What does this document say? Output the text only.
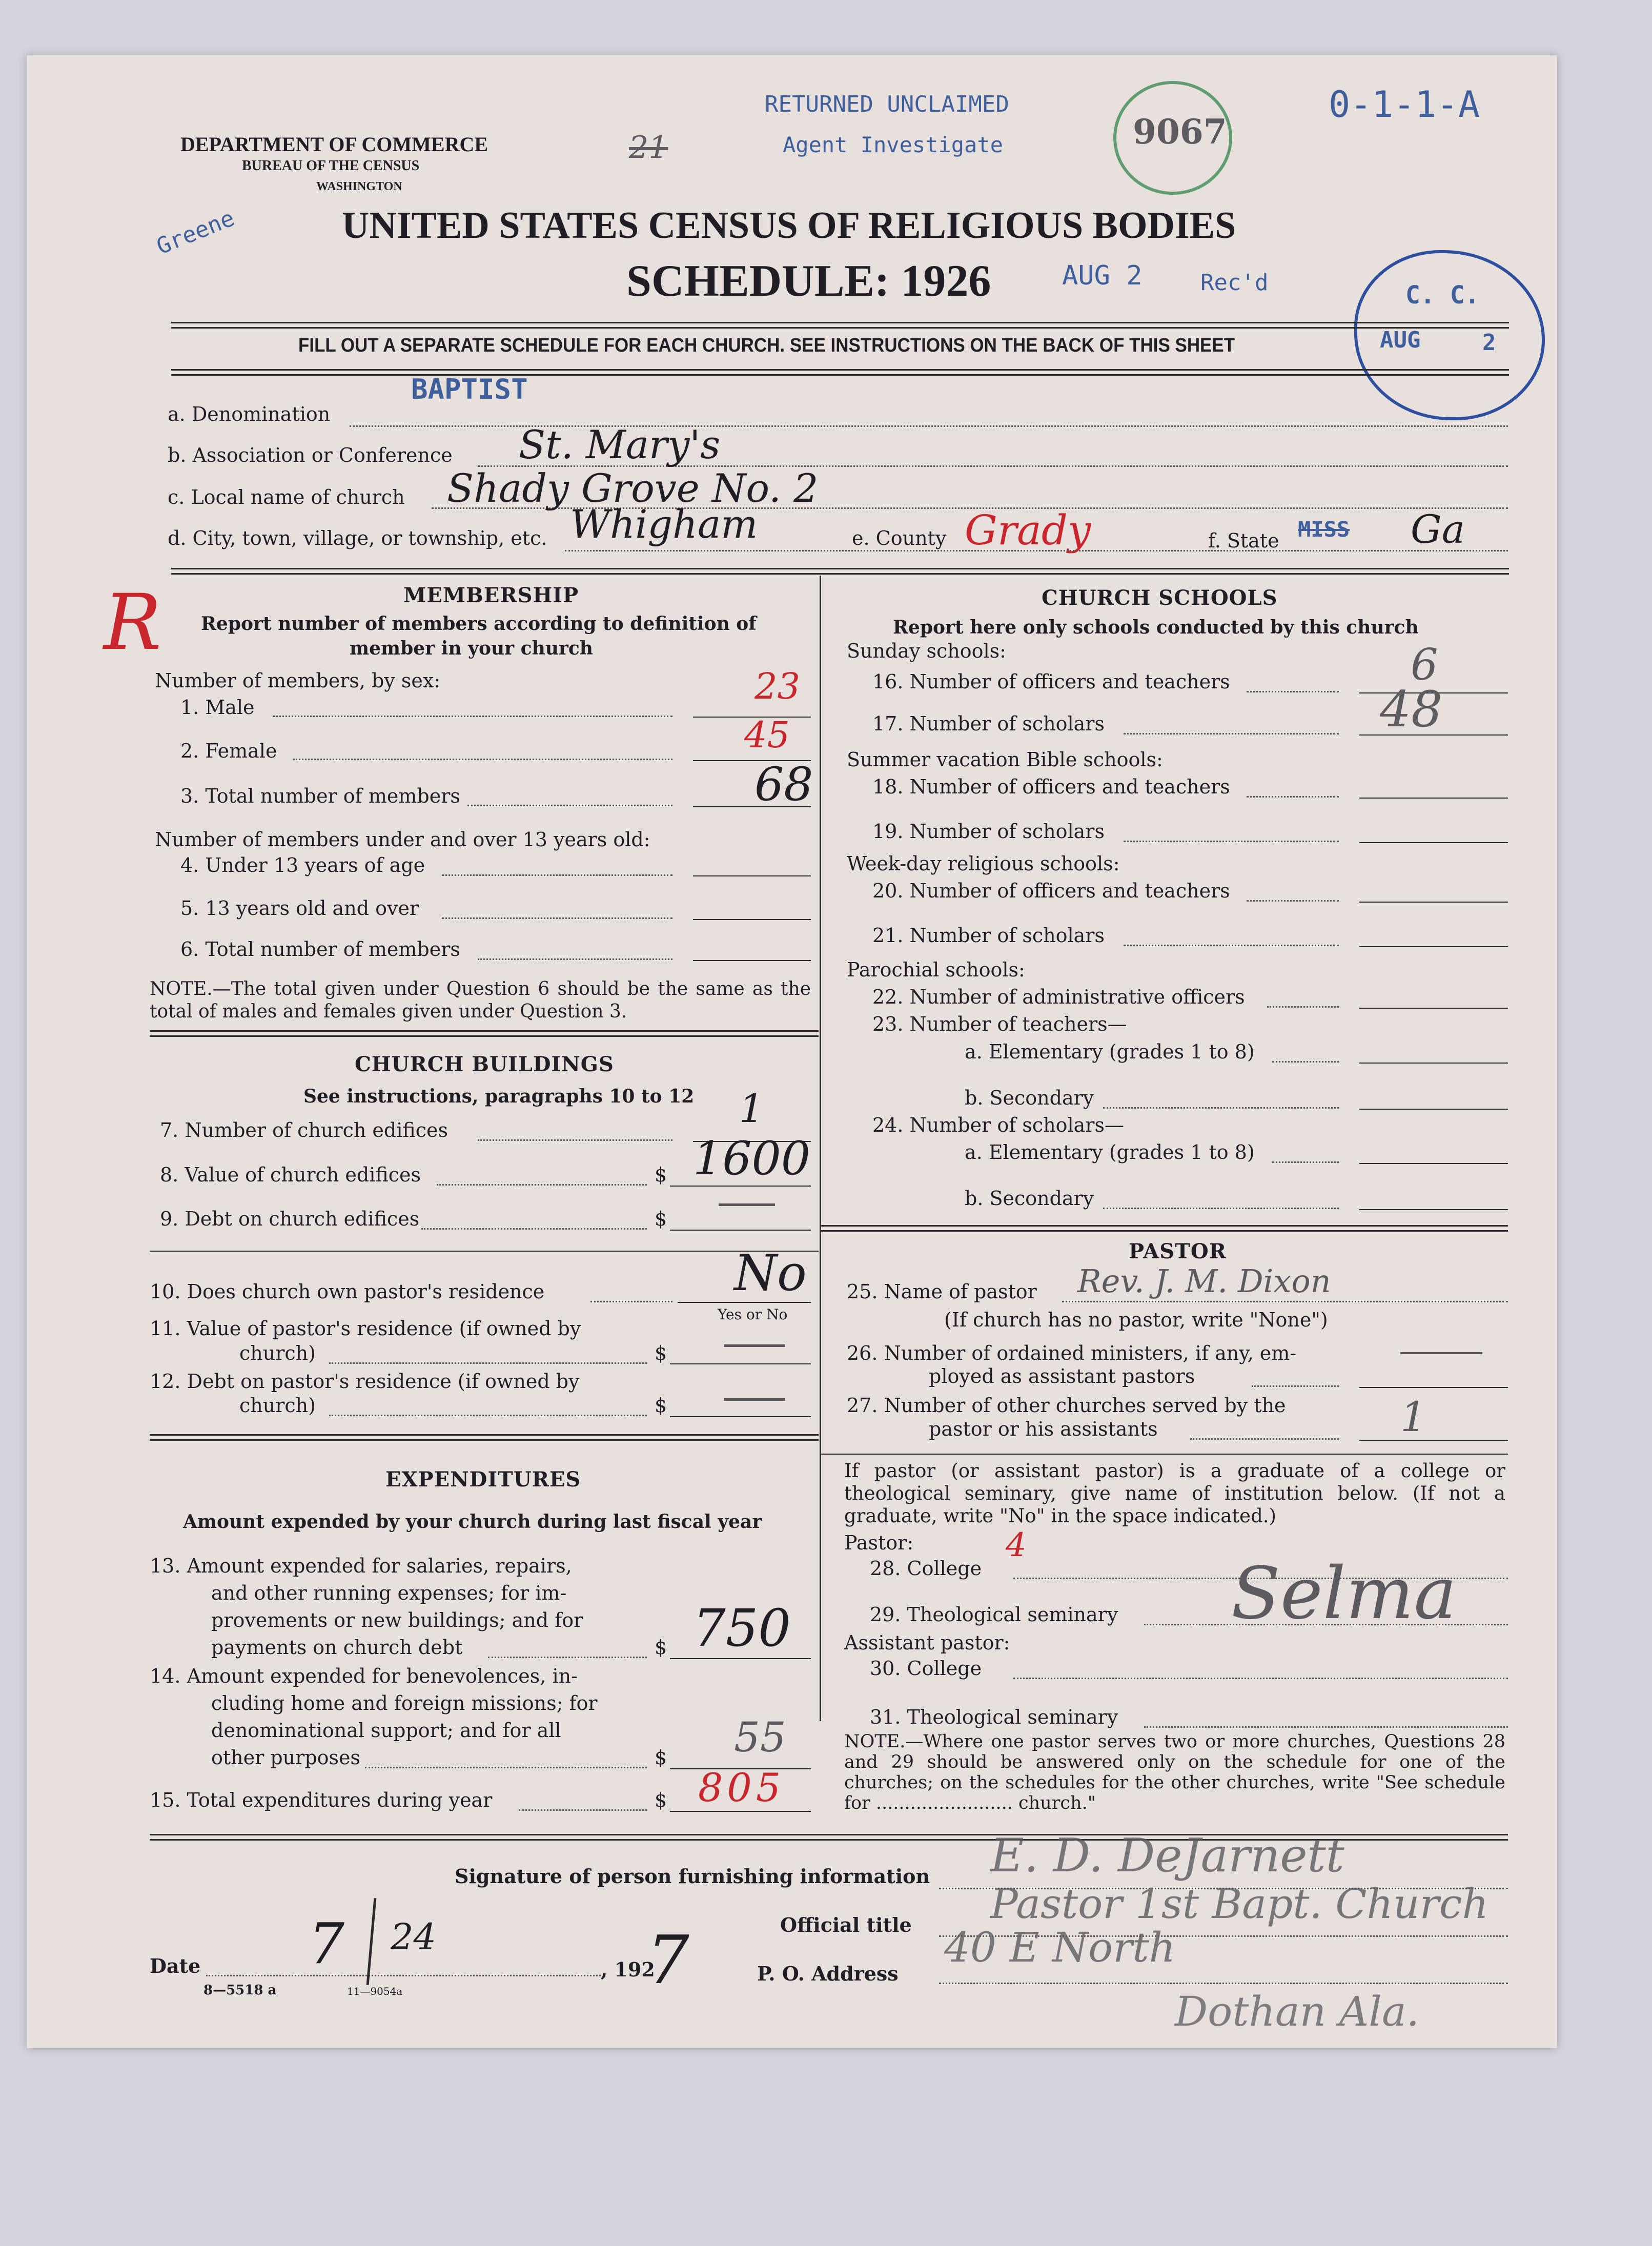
DEPARTMENT OF COMMERCE
BUREAU OF THE CENSUS
WASHINGTON
RETURNED UNCLAIMED
21	Agent Investigate	9067
0-1-1-A
Greene	UNITED STATES CENSUS OF RELIGIOUS BODIES
SCHEDULE: 1926	AUG 2	Rec'd	C. C.
AUG	2
FILL OUT A SEPARATE SCHEDULE FOR EACH CHURCH. SEE INSTRUCTIONS ON THE BACK OF THIS SHEET
BAPTIST
a. Denomination
b. Association or Conference St. Mary's
c. Local name of church Shady Grove No. 2
R
d. City, town, village, or township, etc. Whigham	e. County Grady	f. State MISS Ga
MEMBERSHIP
Report number of members according to definition of
member in your church
Number of members, by sex:
1. Male	23
2. Female	45
3. Total number of members	68
Number of members under and over 13 years old:
4. Under 13 years of age
5. 13 years old and over
6. Total number of members
NOTE.—The total given under Question 6 should be the same as the total of males and females given under Question 3.
CHURCH BUILDINGS
See instructions, paragraphs 10 to 12
7. Number of church edifices	1
8. Value of church edifices	$ 1600
9. Debt on church edifices	$
10. Does church own pastor's residence	No
Yes or No
11. Value of pastor's residence (if owned by
church)	$
12. Debt on pastor's residence (if owned by
church)	$
EXPENDITURES
Amount expended by your church during last fiscal year
13. Amount expended for salaries, repairs,
and other running expenses; for im-
provements or new buildings; and for
payments on church debt	$ 750
14. Amount expended for benevolences, in-
cluding home and foreign missions; for
denominational support; and for all
other purposes	$ 55
15. Total expenditures during year	$ 805
CHURCH SCHOOLS
Report here only schools conducted by this church
Sunday schools:
16. Number of officers and teachers	6
17. Number of scholars	48
Summer vacation Bible schools:
18. Number of officers and teachers
19. Number of scholars
Week-day religious schools:
20. Number of officers and teachers
21. Number of scholars
Parochial schools:
22. Number of administrative officers
23. Number of teachers—
a. Elementary (grades 1 to 8)
b. Secondary
24. Number of scholars—
a. Elementary (grades 1 to 8)
b. Secondary
PASTOR
25. Name of pastor Rev. J. M. Dixon
(If church has no pastor, write "None")
26. Number of ordained ministers, if any, em-
ployed as assistant pastors
27. Number of other churches served by the
pastor or his assistants	1
If pastor (or assistant pastor) is a graduate of a college or theological seminary, give name of institution below. (If not a graduate, write "No" in the space indicated.)
Pastor:
28. College
4
29. Theological seminary Selma
Assistant pastor:
30. College
31. Theological seminary
NOTE.—Where one pastor serves two or more churches, Questions 28 and 29 should be answered only on the schedule for one of the churches; on the schedules for the other churches, write "See schedule for ........................ church."
Signature of person furnishing information E. D. DeJarnett
Official title Pastor 1st Bapt. Church
Date 7 24
, 192
7	P. O. Address
40 E North
Dothan Ala.
8—5518 a	11—9054a
